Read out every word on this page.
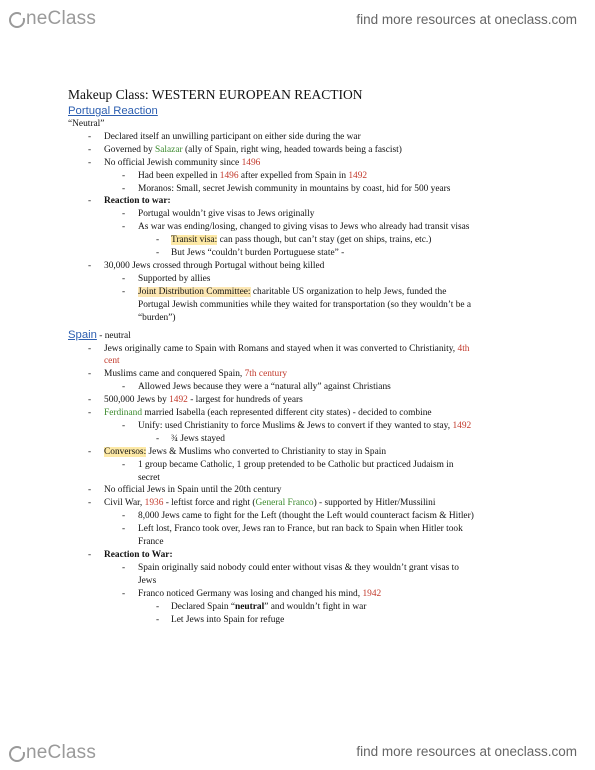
neClass	find more resources at oneclass.com
Makeup Class: WESTERN EUROPEAN REACTION
Portugal Reaction
“Neutral”
- Declared itself an unwilling participant on either side during the war
- Governed by Salazar (ally of Spain, right wing, headed towards being a fascist)
- No official Jewish community since 1496
- Had been expelled in 1496 after expelled from Spain in 1492
- Moranos: Small, secret Jewish community in mountains by coast, hid for 500 years
- Reaction to war:
- Portugal wouldn’t give visas to Jews originally
- As war was ending/losing, changed to giving visas to Jews who already had transit visas
- Transit visa: can pass though, but can’t stay (get on ships, trains, etc.)
- But Jews “couldn’t burden Portuguese state” -
- 30,000 Jews crossed through Portugal without being killed
- Supported by allies
- Joint Distribution Committee: charitable US organization to help Jews, funded the
Portugal Jewish communities while they waited for transportation (so they wouldn’t be a
“burden”)
Spain - neutral
- Jews originally came to Spain with Romans and stayed when it was converted to Christianity, 4th
cent
- Muslims came and conquered Spain, 7th century
- Allowed Jews because they were a “natural ally” against Christians
- 500,000 Jews by 1492 - largest for hundreds of years
- Ferdinand married Isabella (each represented different city states) - decided to combine
- Unify: used Christianity to force Muslims & Jews to convert if they wanted to stay, 1492
- ¾ Jews stayed
- Conversos: Jews & Muslims who converted to Christianity to stay in Spain
- 1 group became Catholic, 1 group pretended to be Catholic but practiced Judaism in
secret
- No official Jews in Spain until the 20th century
- Civil War, 1936 - leftist force and right (General Franco) - supported by Hitler/Mussilini
- 8,000 Jews came to fight for the Left (thought the Left would counteract facism & Hitler)
- Left lost, Franco took over, Jews ran to France, but ran back to Spain when Hitler took
France
- Reaction to War:
- Spain originally said nobody could enter without visas & they wouldn’t grant visas to
Jews
- Franco noticed Germany was losing and changed his mind, 1942
- Declared Spain “neutral” and wouldn’t fight in war
- Let Jews into Spain for refuge
neClass	find more resources at oneclass.com
